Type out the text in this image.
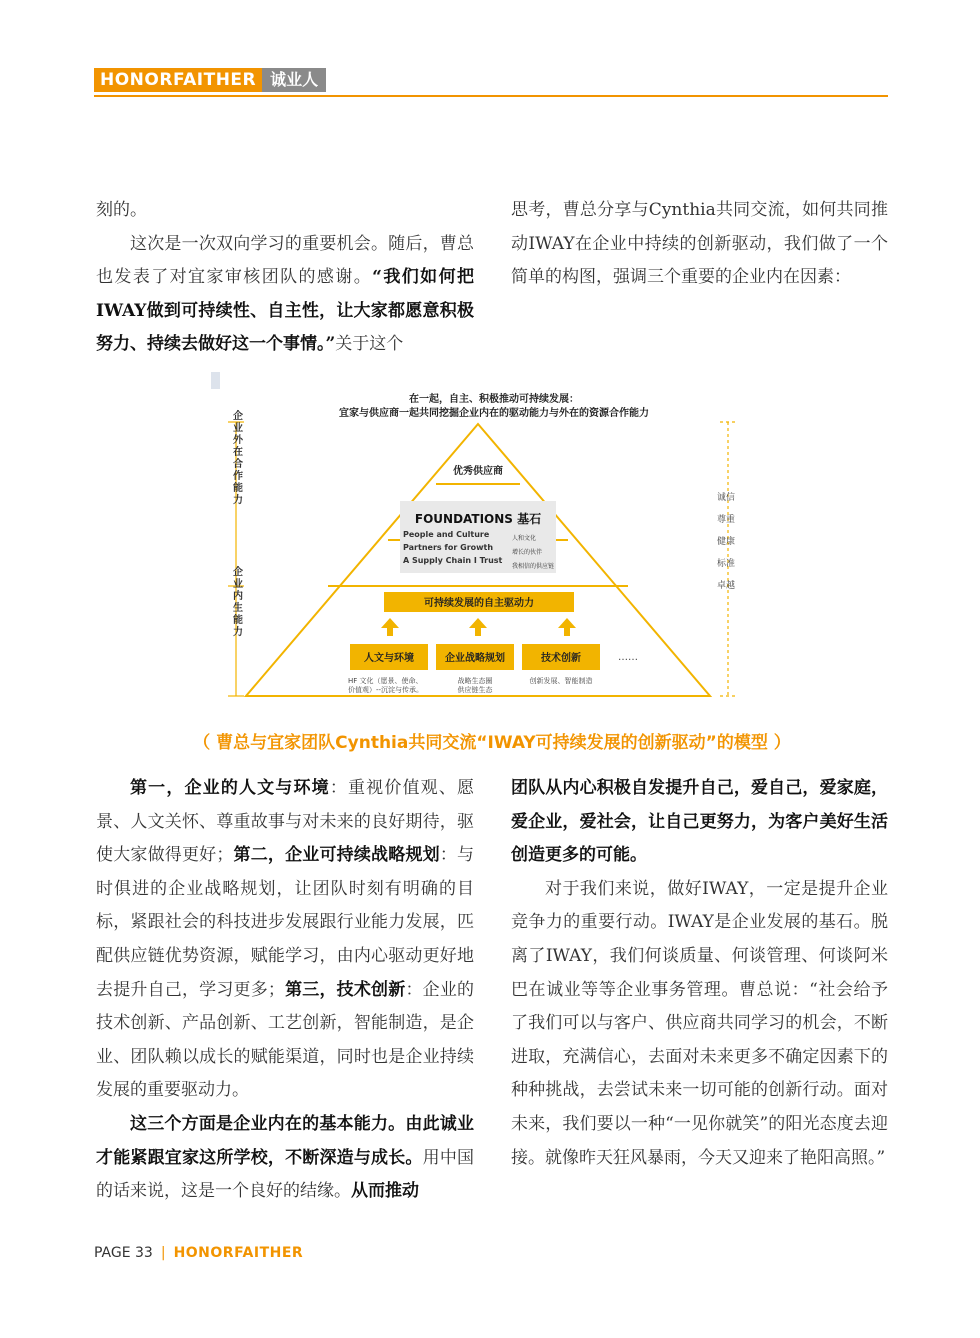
HONORFAITHER 诚业人

刻的。

这次是一次双向学习的重要机会。随后，曹总也发表了对宜家审核团队的感谢。“我们如何把IWAY做到可持续性、自主性，让大家都愿意积极努力、持续去做好这一个事情。”关于这个

思考，曹总分享与Cynthia共同交流，如何共同推动IWAY在企业中持续的创新驱动，我们做了一个简单的构图，强调三个重要的企业内在因素：

在一起，自主、积极推动可持续发展：
宜家与供应商一起共同挖掘企业内在的驱动能力与外在的资源合作能力
企业外在合作能力
企业内生能力
诚信
尊重
健康
标准
卓越
优秀供应商
FOUNDATIONS 基石
People and Culture
Partners for Growth
A Supply Chain I Trust
人和文化
增长的伙伴
我相信的供应链
可持续发展的自主驱动力
人文与环境	企业战略规划	技术创新	……
HF 文化（愿景、使命、
价值观）--沉淀与传承。
战略生态圈
供应链生态
创新发展、智能制造
（ 曹总与宜家团队Cynthia共同交流“IWAY可持续发展的创新驱动”的模型 ）

第一，企业的人文与环境：重视价值观、愿景、人文关怀、尊重故事与对未来的良好期待，驱使大家做得更好；第二，企业可持续战略规划：与时俱进的企业战略规划，让团队时刻有明确的目标，紧跟社会的科技进步发展跟行业能力发展，匹配供应链优势资源，赋能学习，由内心驱动更好地去提升自己，学习更多；第三，技术创新：企业的技术创新、产品创新、工艺创新，智能制造，是企业、团队赖以成长的赋能渠道，同时也是企业持续发展的重要驱动力。

这三个方面是企业内在的基本能力。由此诚业才能紧跟宜家这所学校，不断深造与成长。用中国的话来说，这是一个良好的结缘。从而推动

团队从内心积极自发提升自己，爱自己，爱家庭，爱企业，爱社会，让自己更努力，为客户美好生活创造更多的可能。

对于我们来说，做好IWAY，一定是提升企业竞争力的重要行动。IWAY是企业发展的基石。脱离了IWAY，我们何谈质量、何谈管理、何谈阿米巴在诚业等等企业事务管理。曹总说：“社会给予了我们可以与客户、供应商共同学习的机会，不断进取，充满信心，去面对未来更多不确定因素下的种种挑战，去尝试未来一切可能的创新行动。面对未来，我们要以一种“一见你就笑”的阳光态度去迎接。就像昨天狂风暴雨，今天又迎来了艳阳高照。”

PAGE 33 | HONORFAITHER
